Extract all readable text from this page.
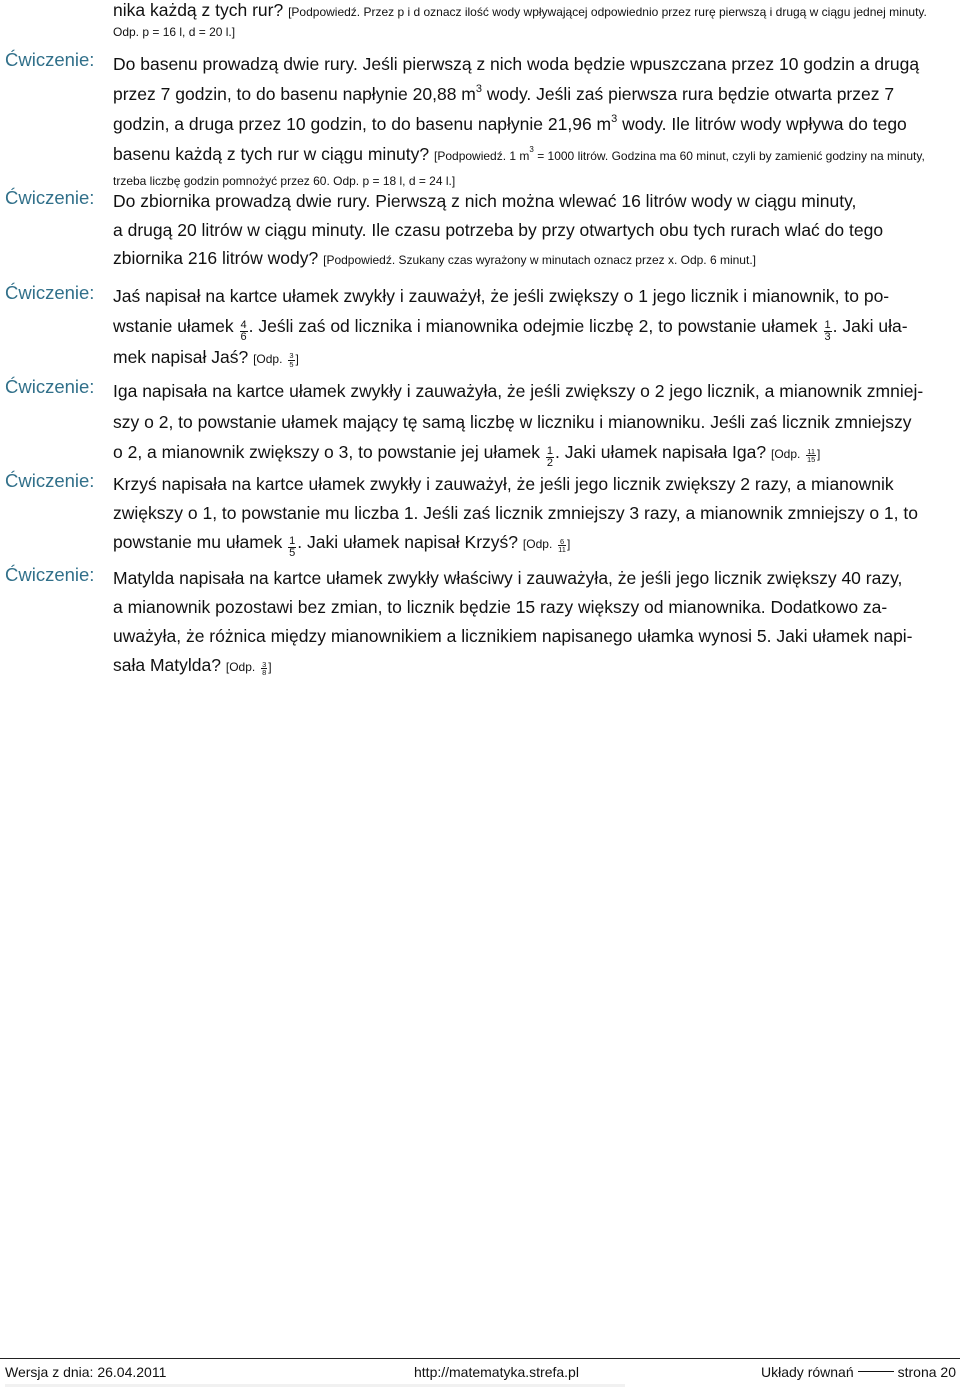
nika każdą z tych rur? [Podpowiedź. Przez p i d oznacz ilość wody wpływającej odpowiednio przez rurę pierwszą i drugą w ciągu jednej minuty.
Odp. p = 16 l, d = 20 l.]
Ćwiczenie: Do basenu prowadzą dwie rury. Jeśli pierwszą z nich woda będzie wpuszczana przez 10 godzin a drugą
przez 7 godzin, to do basenu napłynie 20,88 $m^3$ wody. Jeśli zaś pierwsza rura będzie otwarta przez 7
godzin, a druga przez 10 godzin, to do basenu napłynie 21,96 $m^3$ wody. Ile litrów wody wpływa do tego
basenu każdą z tych rur w ciągu minuty? [Podpowiedź. 1 $m^3 = 1000$ litrów. Godzina ma 60 minut, czyli by zamienić godziny na minuty,
trzeba liczbę godzin pomnożyć przez 60. Odp. p = 18 l, d = 24 l.]
Ćwiczenie: Do zbiornika prowadzą dwie rury. Pierwszą z nich można wlewać 16 litrów wody w ciągu minuty,
a drugą 20 litrów w ciągu minuty. Ile czasu potrzeba by przy otwartych obu tych rurach wlać do tego
zbiornika 216 litrów wody? [Podpowiedź. Szukany czas wyrażony w minutach oznacz przez x. Odp. 6 minut.]
Ćwiczenie: Jaś napisał na kartce ułamek zwykły i zauważył, że jeśli zwiększy o 1 jego licznik i mianownik, to po-
wstanie ułamek $\frac{4}{6}$ . Jeśli zaś od licznika i mianownika odejmie liczbę 2, to powstanie ułamek $\frac{1}{3}$ . Jaki uła-
mek napisał Jaś? [Odp. $\frac{3}{5}$ ]
Ćwiczenie: Iga napisała na kartce ułamek zwykły i zauważyła, że jeśli zwiększy o 2 jego licznik, a mianownik zmniej-
szy o 2, to powstanie ułamek mający tę samą liczbę w liczniku i mianowniku. Jeśli zaś licznik zmniejszy
o 2, a mianownik zwiększy o 3, to powstanie jej ułamek $\frac{1}{2}$ . Jaki ułamek napisała Iga? [Odp. $\frac{11}{15}$ ]
Ćwiczenie: Krzyś napisała na kartce ułamek zwykły i zauważył, że jeśli jego licznik zwiększy 2 razy, a mianownik
zwiększy o 1, to powstanie mu liczba 1. Jeśli zaś licznik zmniejszy 3 razy, a mianownik zmniejszy o 1, to
powstanie mu ułamek $\frac{1}{5}$ . Jaki ułamek napisał Krzyś? [Odp. $\frac{6}{11}$ ]
Ćwiczenie: Matylda napisała na kartce ułamek zwykły właściwy i zauważyła, że jeśli jego licznik zwiększy 40 razy,
a mianownik pozostawi bez zmian, to licznik będzie 15 razy większy od mianownika. Dodatkowo za-
uważyła, że różnica między mianownikiem a licznikiem napisanego ułamka wynosi 5. Jaki ułamek napi-
sała Matylda? [Odp. $\frac{3}{8}$ ]
Wersja z dnia: 26.04.2011	http://matematyka.strefa.pl	Układy równań	strona 20
